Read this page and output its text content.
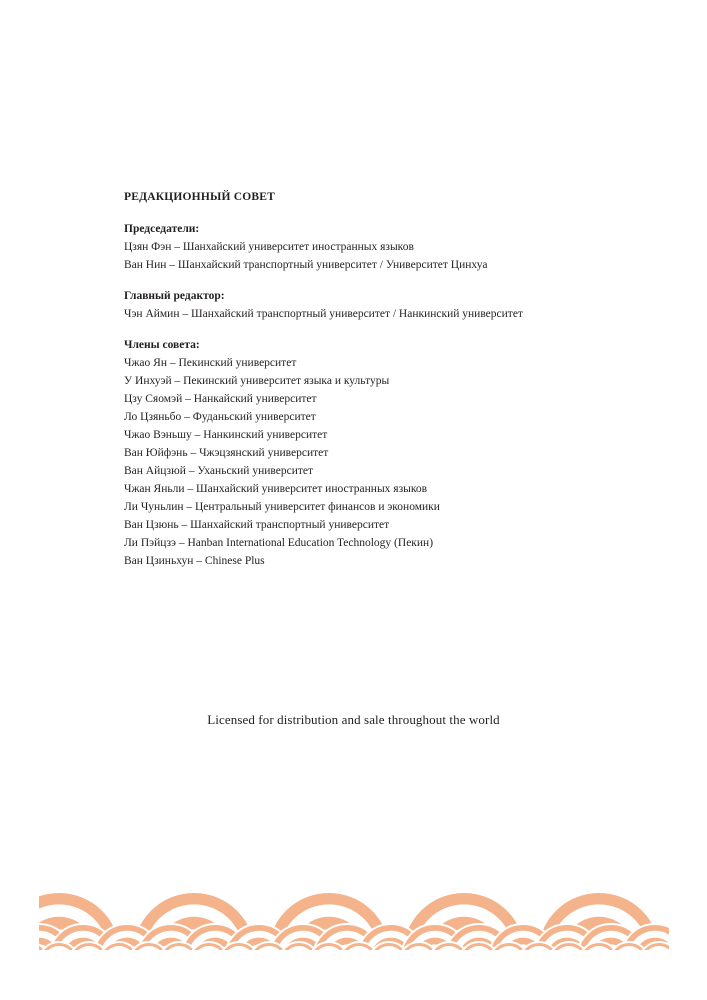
РЕДАКЦИОННЫЙ СОВЕТ
Председатели:
Цзян Фэн – Шанхайский университет иностранных языков
Ван Нин – Шанхайский транспортный университет / Университет Цинхуа
Главный редактор:
Чэн Аймин – Шанхайский транспортный университет / Нанкинский университет
Члены совета:
Чжао Ян – Пекинский университет
У Инхуэй – Пекинский университет языка и культуры
Цзу Сяомэй – Нанкайский университет
Ло Цзяньбо – Фуданьский университет
Чжао Вэньшу – Нанкинский университет
Ван Юйфэнь – Чжэцзянский университет
Ван Айцзюй – Уханьский университет
Чжан Яньли – Шанхайский университет иностранных языков
Ли Чуньлин – Центральный университет финансов и экономики
Ван Цзюнь – Шанхайский транспортный университет
Ли Пэйцзэ – Hanban International Education Technology (Пекин)
Ван Цзиньхун – Chinese Plus
Licensed for distribution and sale throughout the world
